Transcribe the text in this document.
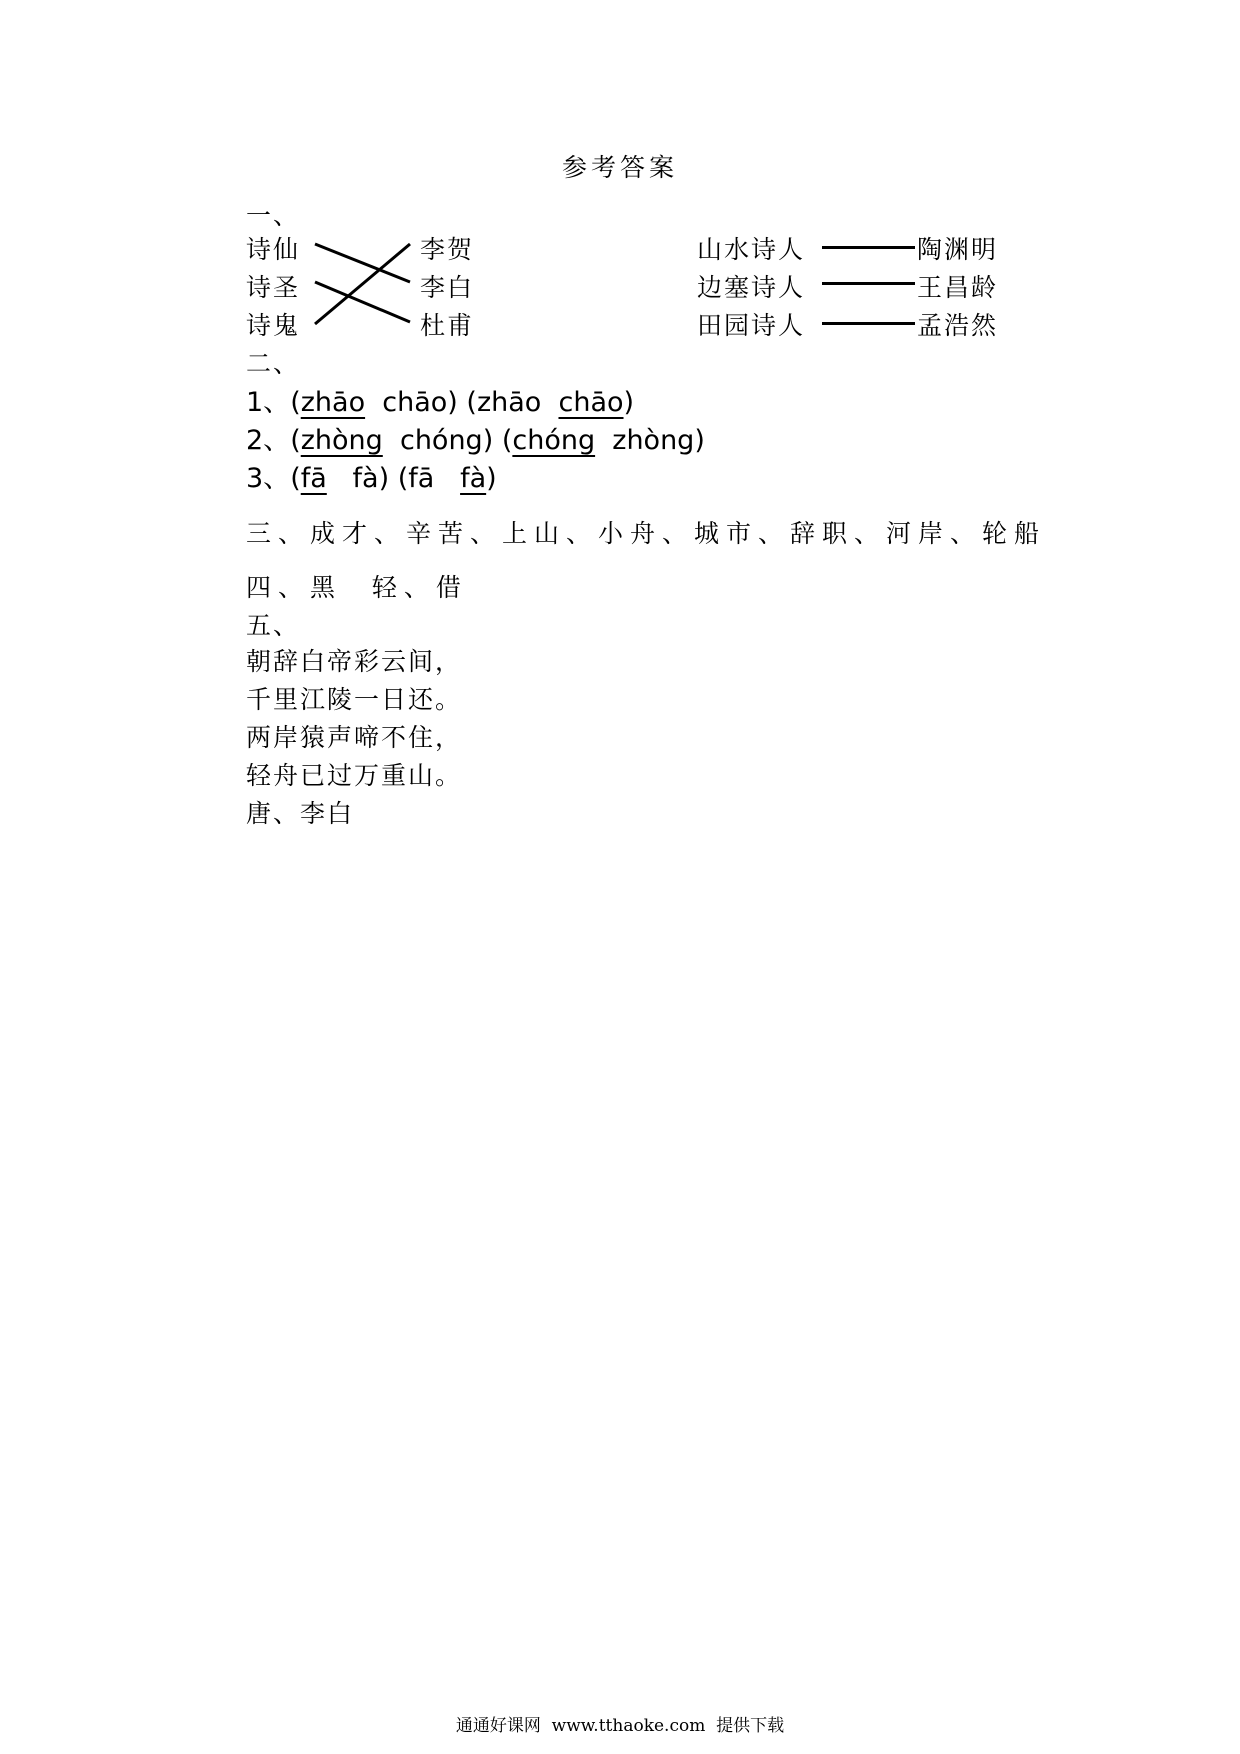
参考答案
一、
诗仙
诗圣
诗鬼
李贺
李白
杜甫
山水诗人
边塞诗人
田园诗人
陶渊明
王昌龄
孟浩然
二、
1、(zhāo chāo) (zhāo chāo)
2、(zhòng chóng) (chóng zhòng)
3、(fā fà) (fā fà)
三、成才、辛苦、上山、小舟、城市、辞职、河岸、轮船
四、黑  轻、借
五、
朝辞白帝彩云间，
千里江陵一日还。
两岸猿声啼不住，
轻舟已过万重山。
唐、李白
通通好课网  www.tthaoke.com  提供下载
